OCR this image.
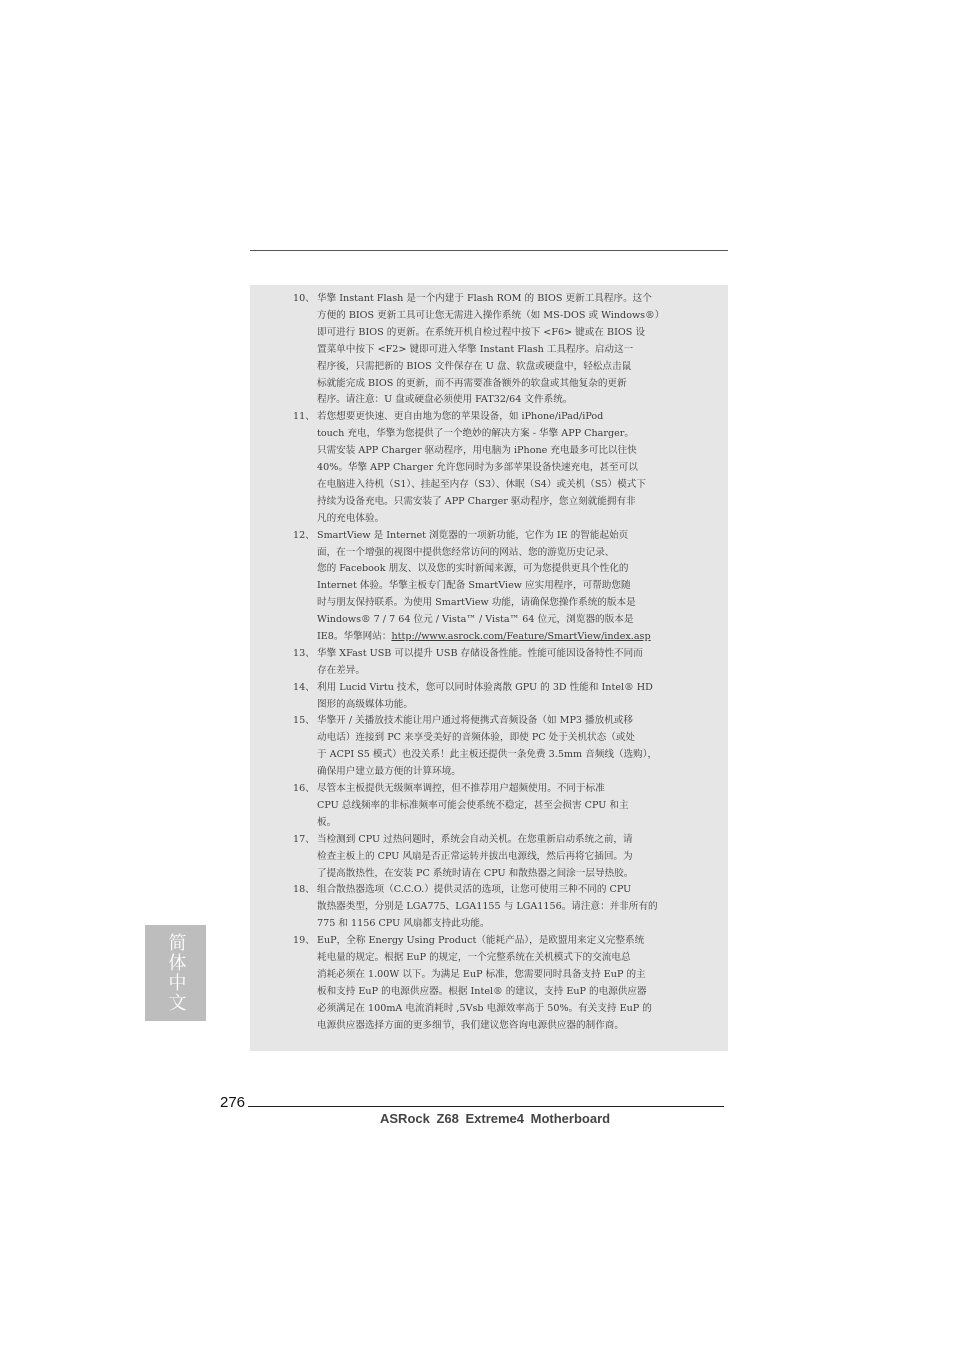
10、 华擎 Instant Flash 是一个内建于 Flash ROM 的 BIOS 更新工具程序。这个
方便的 BIOS 更新工具可让您无需进入操作系统（如 MS-DOS 或 Windows®）
即可进行 BIOS 的更新。在系统开机自检过程中按下 <F6> 键或在 BIOS 设
置菜单中按下 <F2> 键即可进入华擎 Instant Flash 工具程序。启动这一
程序後，只需把新的 BIOS 文件保存在 U 盘、软盘或硬盘中，轻松点击鼠
标就能完成 BIOS 的更新，而不再需要准备额外的软盘或其他复杂的更新
程序。请注意：U 盘或硬盘必须使用 FAT32/64 文件系统。
11、 若您想要更快速、更自由地为您的苹果设备，如 iPhone/iPad/iPod
touch 充电，华擎为您提供了一个绝妙的解决方案 - 华擎 APP Charger。
只需安装 APP Charger 驱动程序，用电脑为 iPhone 充电最多可比以往快
40%。华擎 APP Charger 允许您同时为多部苹果设备快速充电，甚至可以
在电脑进入待机（S1）、挂起至内存（S3）、休眠（S4）或关机（S5）模式下
持续为设备充电。只需安装了 APP Charger 驱动程序，您立刻就能拥有非
凡的充电体验。
12、 SmartView 是 Internet 浏览器的一项新功能，它作为 IE 的智能起始页
面，在一个增强的视图中提供您经常访问的网站、您的游览历史记录、
您的 Facebook 朋友、以及您的实时新闻来源，可为您提供更具个性化的
Internet 体验。华擎主板专门配备 SmartView 应实用程序，可帮助您随
时与朋友保持联系。为使用 SmartView 功能，请确保您操作系统的版本是
Windows® 7 / 7 64 位元 / Vista™ / Vista™ 64 位元，浏览器的版本是
IE8。华擎网站：http://www.asrock.com/Feature/SmartView/index.asp
13、 华擎 XFast USB 可以提升 USB 存储设备性能。性能可能因设备特性不同而
存在差异。
14、 利用 Lucid Virtu 技术，您可以同时体验离散 GPU 的 3D 性能和 Intel® HD
图形的高级媒体功能。
15、 华擎开 / 关播放技术能让用户通过将便携式音频设备（如 MP3 播放机或移
动电话）连接到 PC 来享受美好的音频体验，即使 PC 处于关机状态（或处
于 ACPI S5 模式）也没关系！此主板还提供一条免费 3.5mm 音频线（选购），
确保用户建立最方便的计算环境。
16、 尽管本主板提供无级频率调控，但不推荐用户超频使用。不同于标准
CPU 总线频率的非标准频率可能会使系统不稳定，甚至会损害 CPU 和主
板。
17、 当检测到 CPU 过热问题时，系统会自动关机。在您重新启动系统之前，请
检查主板上的 CPU 风扇是否正常运转并拔出电源线，然后再将它插回。为
了提高散热性，在安装 PC 系统时请在 CPU 和散热器之间涂一层导热胶。
18、 组合散热器选项（C.C.O.）提供灵活的选项，让您可使用三种不同的 CPU
散热器类型，分别是 LGA775、LGA1155 与 LGA1156。请注意：并非所有的
775 和 1156 CPU 风扇都支持此功能。
19、 EuP，全称 Energy Using Product（能耗产品），是欧盟用来定义完整系统
耗电量的规定。根据 EuP 的规定，一个完整系统在关机模式下的交流电总
消耗必须在 1.00W 以下。为满足 EuP 标准，您需要同时具备支持 EuP 的主
板和支持 EuP 的电源供应器。根据 Intel® 的建议，支持 EuP 的电源供应器
必须满足在 100mA 电流消耗时 ,5Vsb 电源效率高于 50%。有关支持 EuP 的
电源供应器选择方面的更多细节，我们建议您咨询电源供应器的制作商。
简体中文
276
ASRock Z68 Extreme4 Motherboard
